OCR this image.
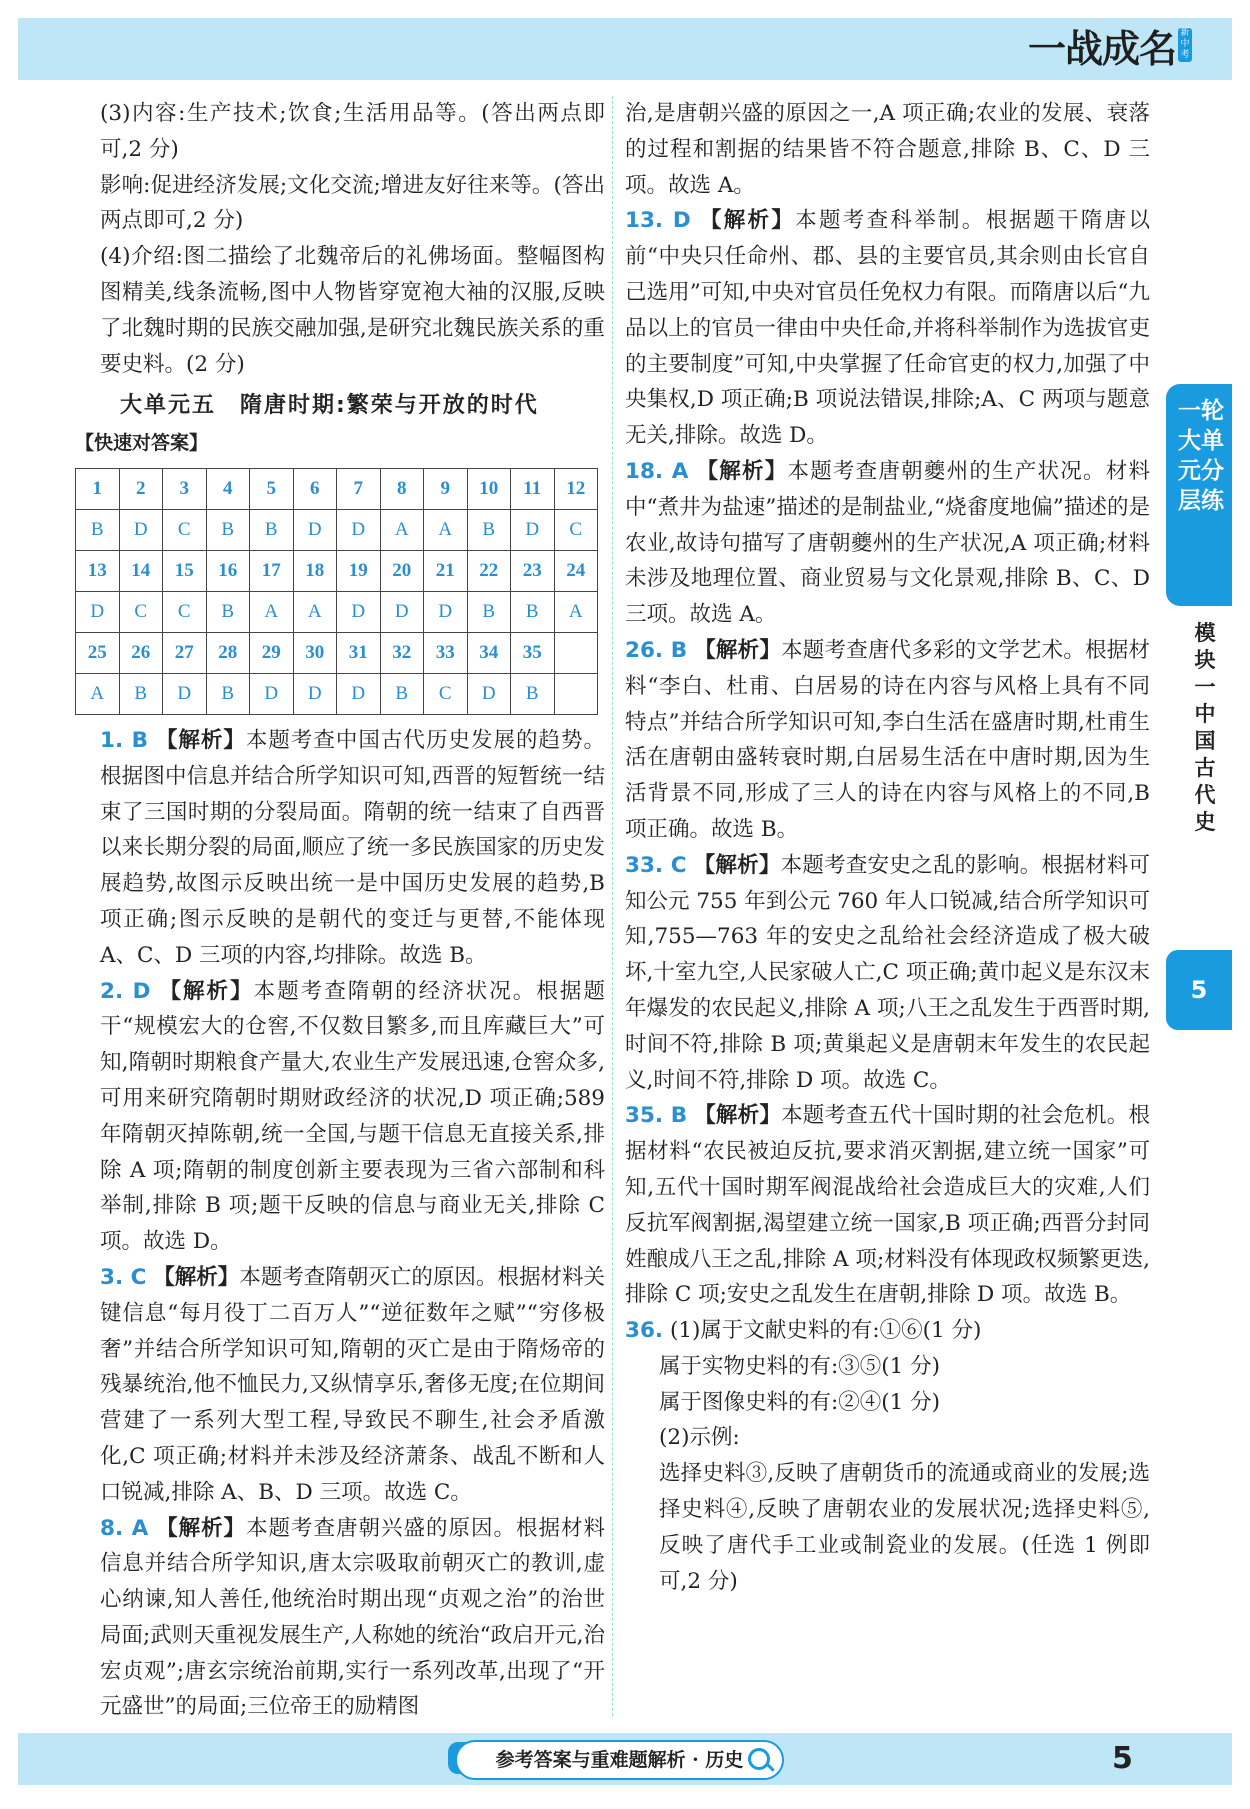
一战成名 新中考

(3)内容:生产技术;饮食;生活用品等。(答出两点即可,2 分)

影响:促进经济发展;文化交流;增进友好往来等。(答出两点即可,2 分)

(4)介绍:图二描绘了北魏帝后的礼佛场面。整幅图构图精美,线条流畅,图中人物皆穿宽袍大袖的汉服,反映了北魏时期的民族交融加强,是研究北魏民族关系的重要史料。(2 分)

大单元五　隋唐时期:繁荣与开放的时代
【快速对答案】
1	2	3	4	5	6	7	8	9	10	11	12
B	D	C	B	B	D	D	A	A	B	D	C
13	14	15	16	17	18	19	20	21	22	23	24
D	C	C	B	A	A	D	D	D	B	B	A
25	26	27	28	29	30	31	32	33	34	35	
A	B	D	B	D	D	D	B	C	D	B	

1. B 【解析】本题考查中国古代历史发展的趋势。根据图中信息并结合所学知识可知,西晋的短暂统一结束了三国时期的分裂局面。隋朝的统一结束了自西晋以来长期分裂的局面,顺应了统一多民族国家的历史发展趋势,故图示反映出统一是中国历史发展的趋势,B 项正确;图示反映的是朝代的变迁与更替,不能体现 A、C、D 三项的内容,均排除。故选 B。

2. D 【解析】本题考查隋朝的经济状况。根据题干“规模宏大的仓窖,不仅数目繁多,而且库藏巨大”可知,隋朝时期粮食产量大,农业生产发展迅速,仓窖众多,可用来研究隋朝时期财政经济的状况,D 项正确;589 年隋朝灭掉陈朝,统一全国,与题干信息无直接关系,排除 A 项;隋朝的制度创新主要表现为三省六部制和科举制,排除 B 项;题干反映的信息与商业无关,排除 C 项。故选 D。

3. C 【解析】本题考查隋朝灭亡的原因。根据材料关键信息“每月役丁二百万人”“逆征数年之赋”“穷侈极奢”并结合所学知识可知,隋朝的灭亡是由于隋炀帝的残暴统治,他不恤民力,又纵情享乐,奢侈无度;在位期间营建了一系列大型工程,导致民不聊生,社会矛盾激化,C 项正确;材料并未涉及经济萧条、战乱不断和人口锐减,排除 A、B、D 三项。故选 C。

8. A 【解析】本题考查唐朝兴盛的原因。根据材料信息并结合所学知识,唐太宗吸取前朝灭亡的教训,虚心纳谏,知人善任,他统治时期出现“贞观之治”的治世局面;武则天重视发展生产,人称她的统治“政启开元,治宏贞观”;唐玄宗统治前期,实行一系列改革,出现了“开元盛世”的局面;三位帝王的励精图

治,是唐朝兴盛的原因之一,A 项正确;农业的发展、衰落的过程和割据的结果皆不符合题意,排除 B、C、D 三项。故选 A。

13. D 【解析】本题考查科举制。根据题干隋唐以前“中央只任命州、郡、县的主要官员,其余则由长官自己选用”可知,中央对官员任免权力有限。而隋唐以后“九品以上的官员一律由中央任命,并将科举制作为选拔官吏的主要制度”可知,中央掌握了任命官吏的权力,加强了中央集权,D 项正确;B 项说法错误,排除;A、C 两项与题意无关,排除。故选 D。

18. A 【解析】本题考查唐朝夔州的生产状况。材料中“煮井为盐速”描述的是制盐业,“烧畬度地偏”描述的是农业,故诗句描写了唐朝夔州的生产状况,A 项正确;材料未涉及地理位置、商业贸易与文化景观,排除 B、C、D 三项。故选 A。

26. B 【解析】本题考查唐代多彩的文学艺术。根据材料“李白、杜甫、白居易的诗在内容与风格上具有不同特点”并结合所学知识可知,李白生活在盛唐时期,杜甫生活在唐朝由盛转衰时期,白居易生活在中唐时期,因为生活背景不同,形成了三人的诗在内容与风格上的不同,B 项正确。故选 B。

33. C 【解析】本题考查安史之乱的影响。根据材料可知公元 755 年到公元 760 年人口锐减,结合所学知识可知,755—763 年的安史之乱给社会经济造成了极大破坏,十室九空,人民家破人亡,C 项正确;黄巾起义是东汉末年爆发的农民起义,排除 A 项;八王之乱发生于西晋时期,时间不符,排除 B 项;黄巢起义是唐朝末年发生的农民起义,时间不符,排除 D 项。故选 C。

35. B 【解析】本题考查五代十国时期的社会危机。根据材料“农民被迫反抗,要求消灭割据,建立统一国家”可知,五代十国时期军阀混战给社会造成巨大的灾难,人们反抗军阀割据,渴望建立统一国家,B 项正确;西晋分封同姓酿成八王之乱,排除 A 项;材料没有体现政权频繁更迭,排除 C 项;安史之乱发生在唐朝,排除 D 项。故选 B。

36. (1)属于文献史料的有:①⑥(1 分)

属于实物史料的有:③⑤(1 分)

属于图像史料的有:②④(1 分)

(2)示例:

选择史料③,反映了唐朝货币的流通或商业的发展;选择史料④,反映了唐朝农业的发展状况;选择史料⑤,反映了唐代手工业或制瓷业的发展。(任选 1 例即可,2 分)

一轮大单元分层练
模块一　中国古代史
5
参考答案与重难题解析 · 历史	5
